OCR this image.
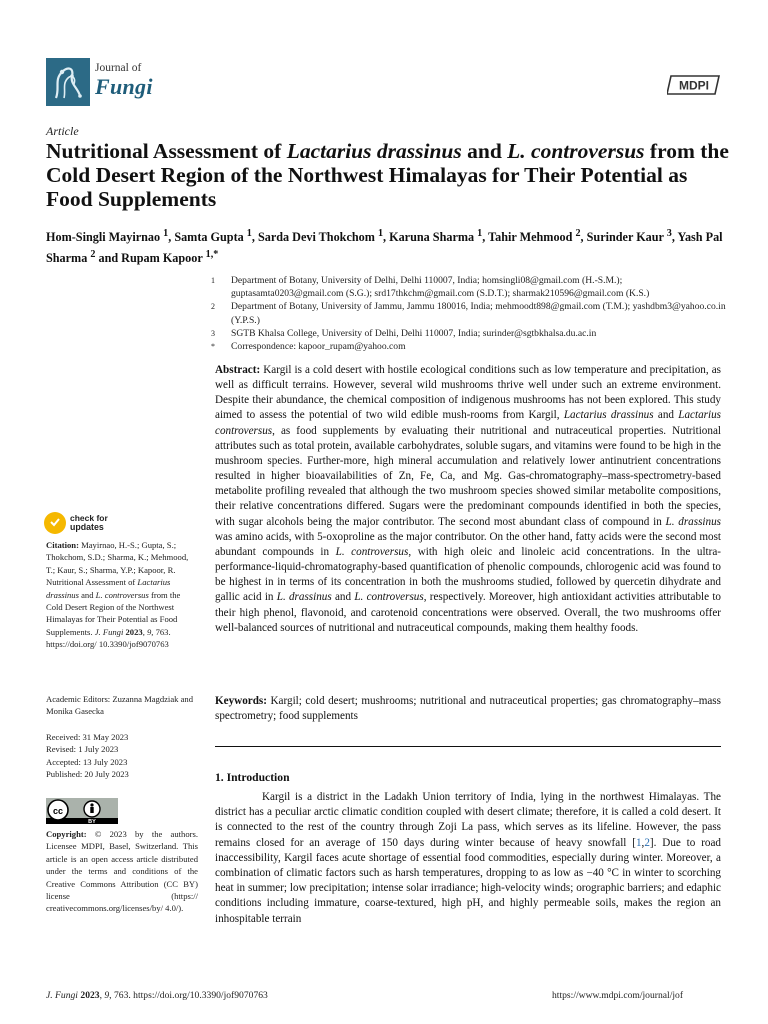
Journal of
Fungi	MDPI
Article
Nutritional Assessment of Lactarius drassinus and L. controversus from the Cold Desert Region of the Northwest Himalayas for Their Potential as Food Supplements
Hom-Singli Mayirnao $^1$, Samta Gupta $^1$, Sarda Devi Thokchom $^1$, Karuna Sharma $^1$, Tahir Mehmood $^2$, Surinder Kaur $^3$, Yash Pal Sharma $^2$ and Rupam Kapoor $^{1,*}$
1	Department of Botany, University of Delhi, Delhi 110007, India; homsingli08@gmail.com (H.-S.M.); guptasamta0203@gmail.com (S.G.); srd17thkchm@gmail.com (S.D.T.); sharmak210596@gmail.com (K.S.)
2	Department of Botany, University of Jammu, Jammu 180016, India; mehmoodt898@gmail.com (T.M.); yashdbm3@yahoo.co.in (Y.P.S.)
3	SGTB Khalsa College, University of Delhi, Delhi 110007, India; surinder@sgtbkhalsa.du.ac.in
*	Correspondence: kapoor_rupam@yahoo.com
Abstract: Kargil is a cold desert with hostile ecological conditions such as low temperature and precipitation, as well as difficult terrains. However, several wild mushrooms thrive well under such an extreme environment. Despite their abundance, the chemical composition of indigenous mushrooms has not been explored. This study aimed to assess the potential of two wild edible mush-rooms from Kargil, Lactarius drassinus and Lactarius controversus, as food supplements by evaluating their nutritional and nutraceutical properties. Nutritional attributes such as total protein, available carbohydrates, soluble sugars, and vitamins were found to be high in the mushroom species. Further-more, high mineral accumulation and relatively lower antinutrient concentrations resulted in higher bioavailabilities of Zn, Fe, Ca, and Mg. Gas-chromatography–mass-spectrometry-based metabolite profiling revealed that although the two mushroom species showed similar metabolite compositions, their relative concentrations differed. Sugars were the predominant compounds identified in both the species, with sugar alcohols being the major contributor. The second most abundant class of compound in L. drassinus was amino acids, with 5-oxoproline as the major contributor. On the other hand, fatty acids were the second most abundant compounds in L. controversus, with high oleic and linoleic acid concentrations. In the ultra-performance-liquid-chromatography-based quantification of phenolic compounds, chlorogenic acid was found to be highest in in terms of its concentration in both the mushrooms studied, followed by quercetin dihydrate and gallic acid in L. drassinus and L. controversus, respectively. Moreover, high antioxidant activities attributable to their high phenol, flavonoid, and carotenoid concentrations were observed. Overall, the two mushrooms offer well-balanced sources of nutritional and nutraceutical compounds, making them healthy foods.
Keywords: Kargil; cold desert; mushrooms; nutritional and nutraceutical properties; gas chromatography–mass spectrometry; food supplements
1. Introduction
Kargil is a district in the Ladakh Union territory of India, lying in the northwest Himalayas. The district has a peculiar arctic climatic condition coupled with desert climate; therefore, it is called a cold desert. It is connected to the rest of the country through Zoji La pass, which serves as its lifeline. However, the pass remains closed for an average of 150 days during winter because of heavy snowfall [1,2]. Due to road inaccessibility, Kargil faces acute shortage of essential food commodities, especially during winter. Moreover, a combination of climatic factors such as harsh temperatures, dropping to as low as −40 °C in winter to scorching heat in summer; low precipitation; intense solar irradiance; high-velocity winds; orographic barriers; and edaphic conditions including immature, coarse-textured, high pH, and highly permeable soils, makes the region an inhospitable terrain
check for
updates
Citation: Mayirnao, H.-S.; Gupta, S.; Thokchom, S.D.; Sharma, K.; Mehmood, T.; Kaur, S.; Sharma, Y.P.; Kapoor, R. Nutritional Assessment of Lactarius drassinus and L. controversus from the Cold Desert Region of the Northwest Himalayas for Their Potential as Food Supplements. J. Fungi 2023, 9, 763. https://doi.org/ 10.3390/jof9070763
Academic Editors: Zuzanna Magdziak and Monika Gasecka
Received: 31 May 2023
Revised: 1 July 2023
Accepted: 13 July 2023
Published: 20 July 2023
cc
BY
Copyright: © 2023 by the authors. Licensee MDPI, Basel, Switzerland. This article is an open access article distributed under the terms and conditions of the Creative Commons Attribution (CC BY) license (https:// creativecommons.org/licenses/by/ 4.0/).
J. Fungi 2023, 9, 763. https://doi.org/10.3390/jof9070763	https://www.mdpi.com/journal/jof
